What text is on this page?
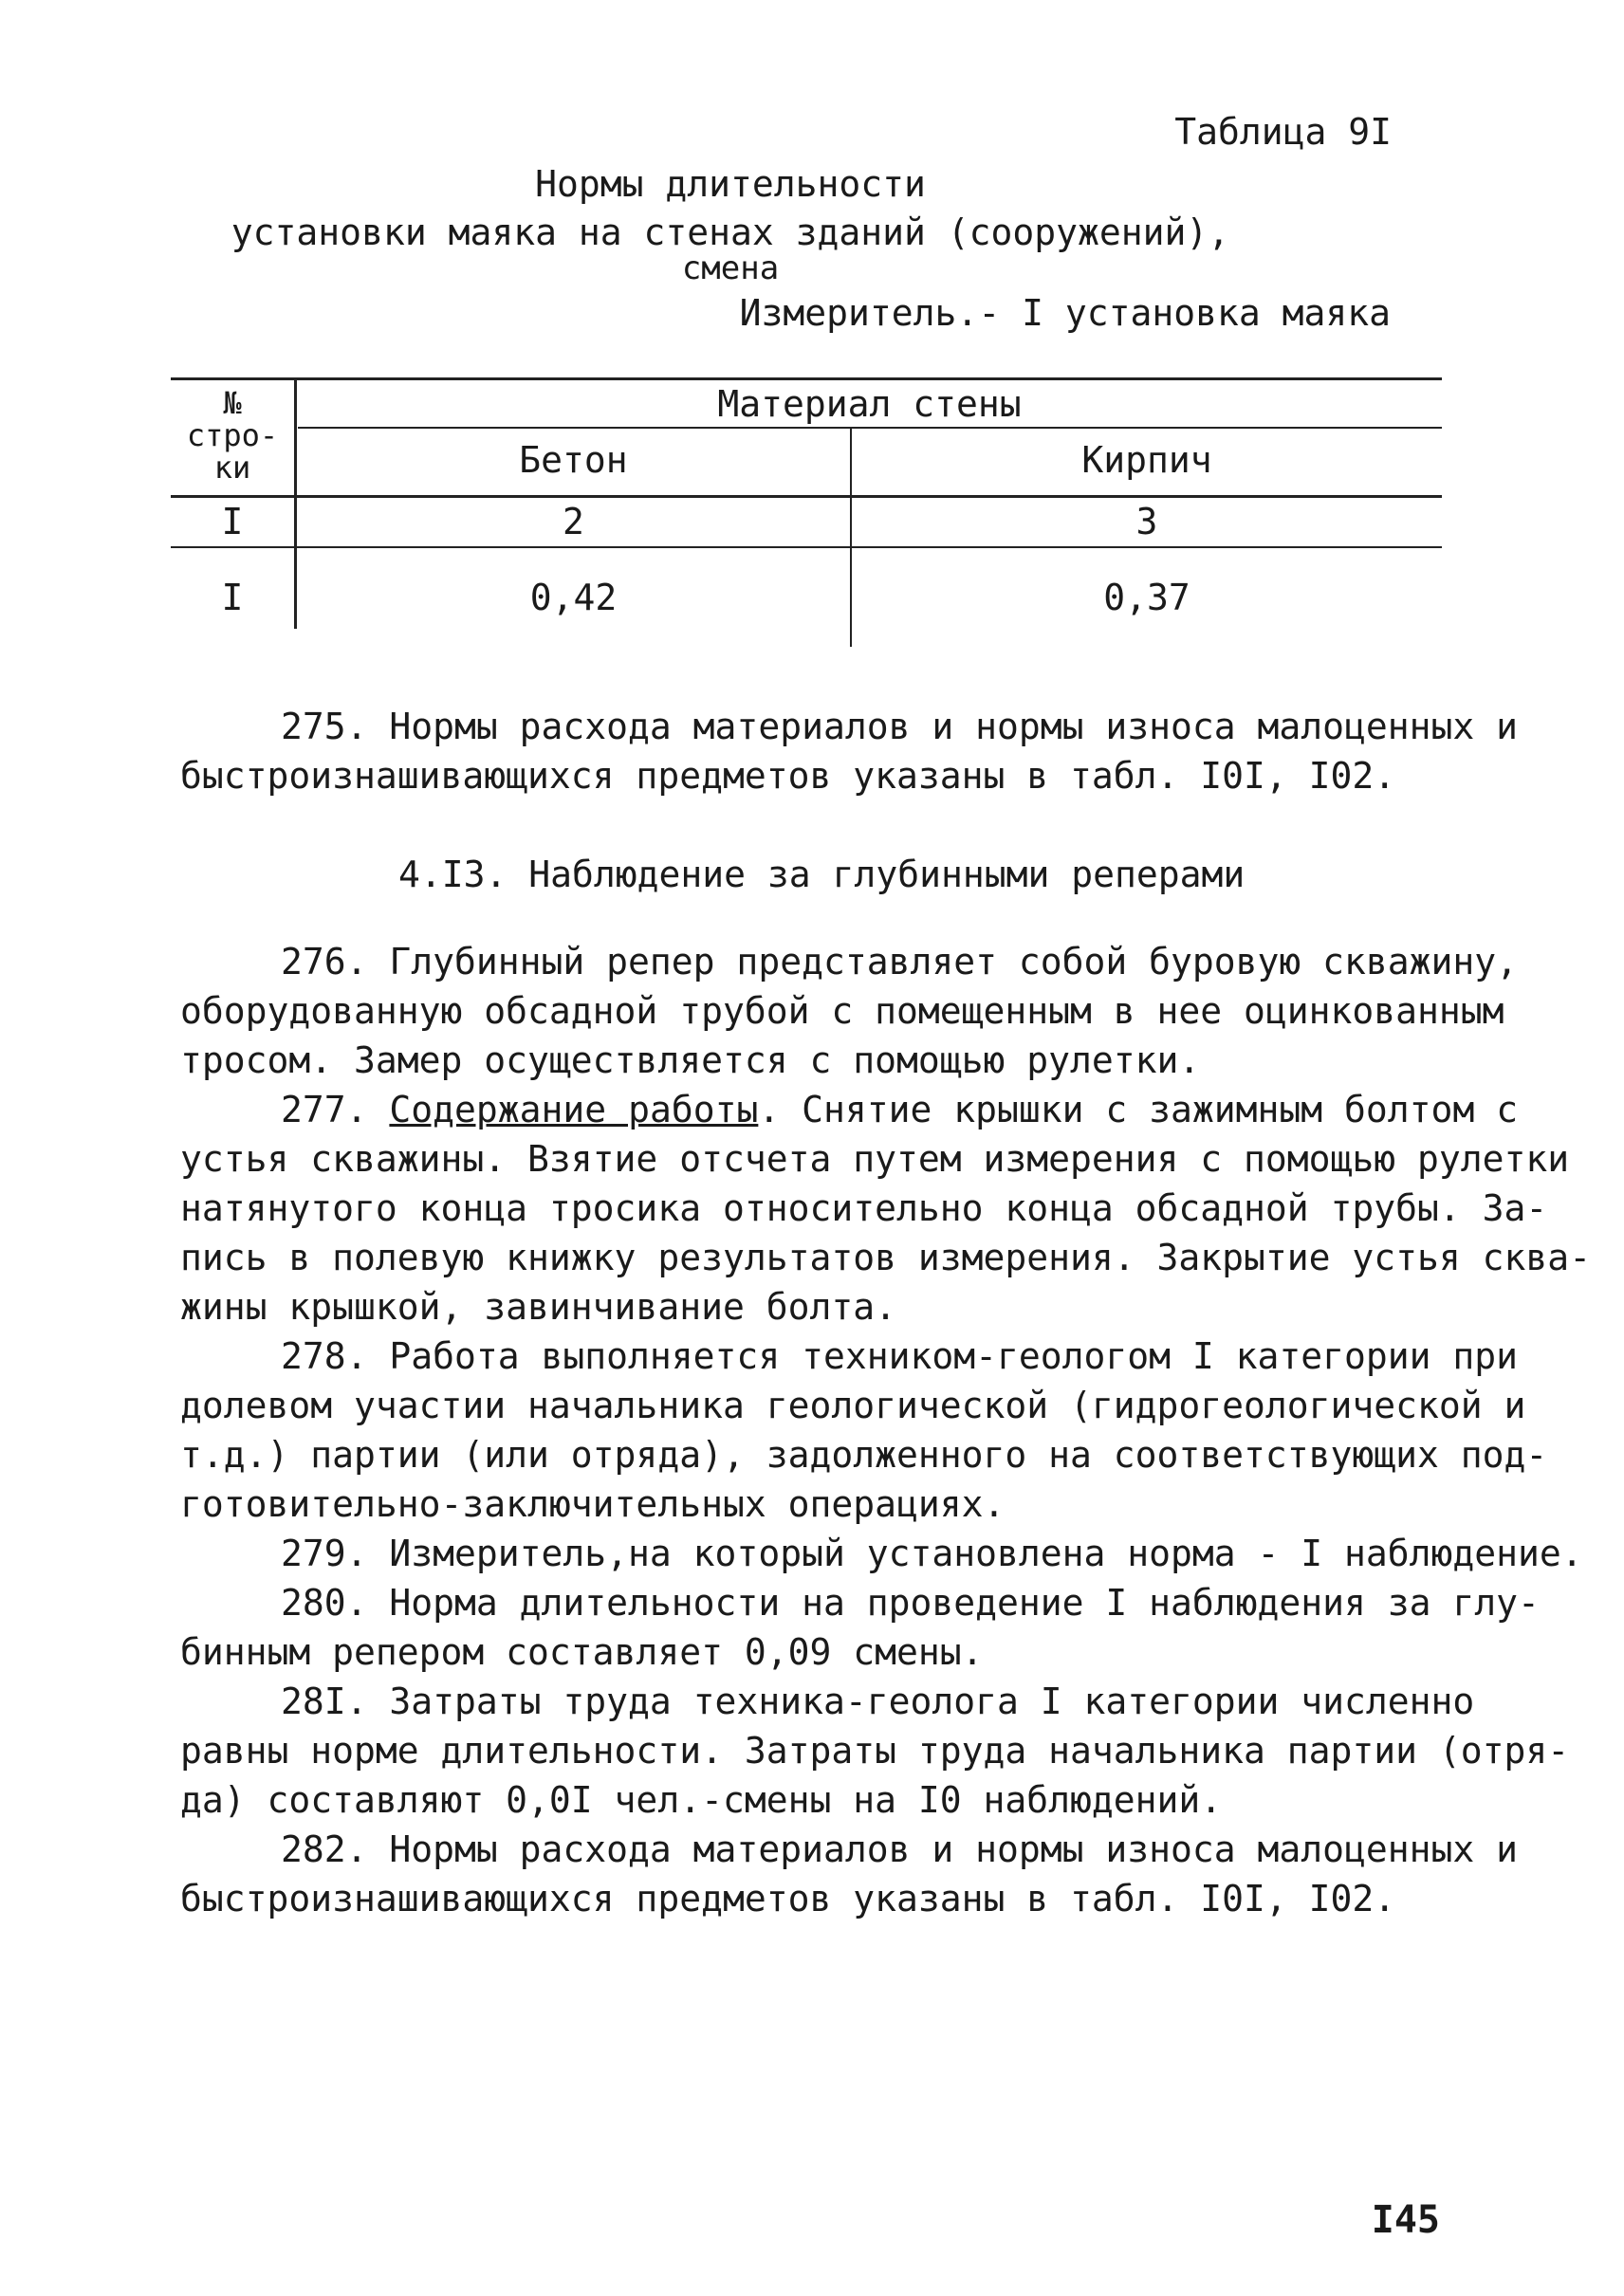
Таблица 9I
Нормы длительности
установки маяка на стенах зданий (сооружений),
смена
Измеритель.- I установка маяка
№
стро-
ки
Материал стены
Бетон	Кирпич
I	2	3
I	0,42	0,37
275. Нормы расхода материалов и нормы износа малоценных и
быстроизнашивающихся предметов указаны в табл. I0I, I02.
4.I3. Наблюдение за глубинными реперами
276. Глубинный репер представляет собой буровую скважину,
оборудованную обсадной трубой с помещенным в нее оцинкованным
тросом. Замер осуществляется с помощью рулетки.
277. Содержание работы. Снятие крышки с зажимным болтом с
устья скважины. Взятие отсчета путем измерения с помощью рулетки
натянутого конца тросика относительно конца обсадной трубы. За-
пись в полевую книжку результатов измерения. Закрытие устья сква-
жины крышкой, завинчивание болта.
278. Работа выполняется техником-геологом I категории при
долевом участии начальника геологической (гидрогеологической и
т.д.) партии (или отряда), задолженного на соответствующих под-
готовительно-заключительных операциях.
279. Измеритель,на который установлена норма - I наблюдение.
280. Норма длительности на проведение I наблюдения за глу-
бинным репером составляет 0,09 смены.
28I. Затраты труда техника-геолога I категории численно
равны норме длительности. Затраты труда начальника партии (отря-
да) составляют 0,0I чел.-смены на I0 наблюдений.
282. Нормы расхода материалов и нормы износа малоценных и
быстроизнашивающихся предметов указаны в табл. I0I, I02.
I45
